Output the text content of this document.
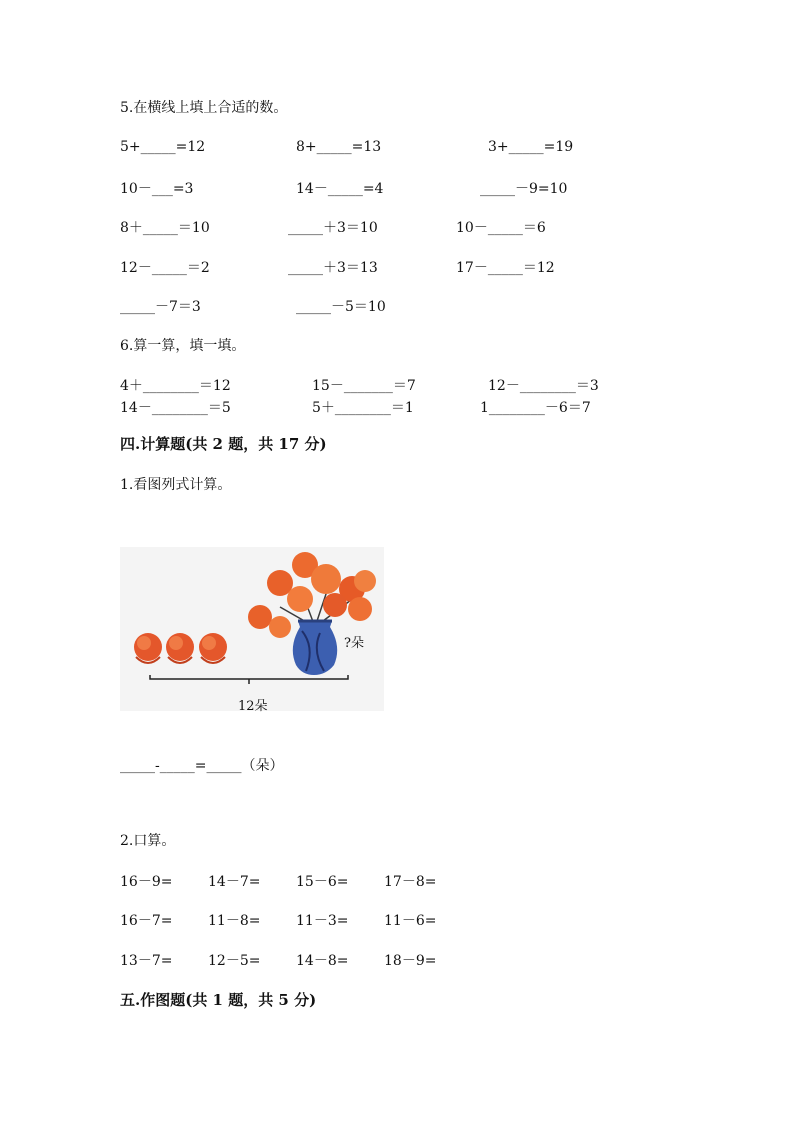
5.在横线上填上合适的数。
5+_____=12	8+_____=13	3+_____=19
10－___=3	14－_____=4	_____－9=10
8＋_____＝10	_____＋3＝10	10－_____＝6
12－_____＝2	_____＋3＝13	17－_____＝12
_____－7＝3	_____－5＝10
6.算一算，填一填。
4＋________＝12	15－_______＝7	12－________＝3
14－________＝5	5＋________＝1	1________－6＝7
四.计算题(共 2 题，共 17 分)
1.看图列式计算。
?朵
12朵
_____-_____=_____（朵）
2.口算。
16－9=	14－7=	15－6=	17－8=
16－7=	11－8=	11－3=	11－6=
13－7=	12－5=	14－8=	18－9=
五.作图题(共 1 题，共 5 分)
